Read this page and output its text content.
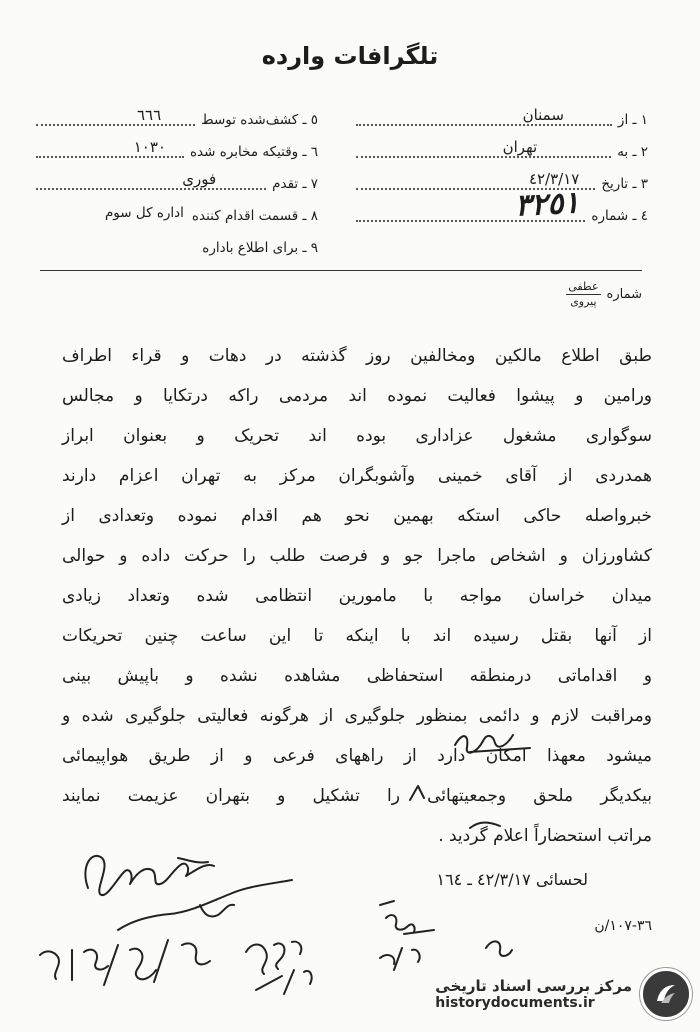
تلگرافات وارده
١ ـ از
سمنان
٢ ـ به
تهران
٣ ـ تاریخ
٤٢/٣/١٧
٤ ـ شماره
٣٢٥١
٥ ـ کشف‌شده توسط
٦٦٦
٦ ـ وقتیکه مخابره شده
١٠٣٠
٧ ـ تقدم
فوری
٨ ـ قسمت اقدام کننده
اداره کل سوم
٩ ـ برای اطلاع باداره
شماره
عطفی
پیروی
طبق اطلاع مالکین ومخالفین روز گذشته در دهات و قراء اطراف
ورامین و پیشوا فعالیت نموده اند مردمی راکه درتکایا و مجالس
سوگواری مشغول عزاداری بوده اند تحریک و بعنوان ابراز
همدردی از آقای خمینی وآشوبگران مرکز به تهران اعزام دارند
خبرواصله حاکی استکه بهمین نحو هم اقدام نموده وتعدادی از
کشاورزان و اشخاص ماجرا جو و فرصت طلب را حرکت داده و حوالی
میدان خراسان مواجه با مامورین انتظامی شده وتعداد زیادی
از آنها بقتل رسیده اند با اینکه تا این ساعت چنین تحریکات
و اقداماتی درمنطقه استحفاظی مشاهده نشده و باپیش بینی
ومراقبت لازم و دائمی بمنظور جلوگیری از هرگونه فعالیتی جلوگیری شده و
میشود معهذا امکان دارد از راههای فرعی و از طریق هواپیمائی
بیکدیگر ملحق وجمعیتهائی را تشکیل و بتهران عزیمت نمایند
مراتب استحضاراً اعلام گردید .
لحسائی ٤٢/٣/١٧ ـ ١٦٤
٣٦-١٠٧/ن
مرکز بررسی اسناد تاریخی
historydocuments.ir
